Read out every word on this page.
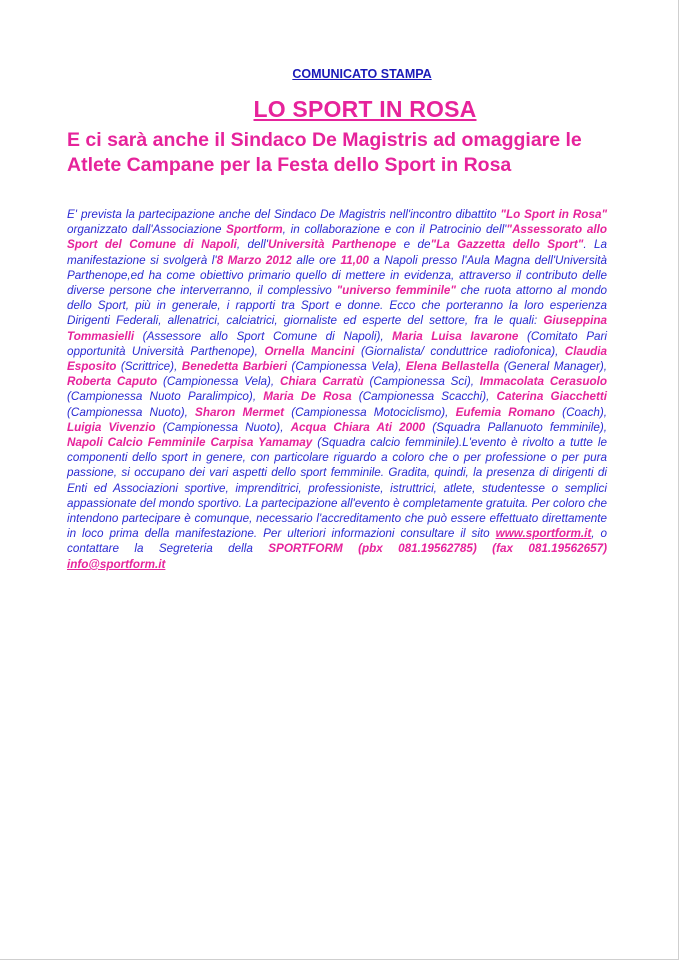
COMUNICATO STAMPA
LO SPORT IN ROSA
E ci sarà anche il Sindaco De Magistris ad omaggiare le Atlete Campane per la Festa dello Sport in Rosa
E' prevista la partecipazione anche del Sindaco De Magistris nell'incontro dibattito "Lo Sport in Rosa" organizzato dall'Associazione Sportform, in collaborazione e con il Patrocinio dell'"Assessorato allo Sport del Comune di Napoli, dell'Università Parthenope e de"La Gazzetta dello Sport". La manifestazione si svolgerà l'8 Marzo 2012 alle ore 11,00 a Napoli presso l'Aula Magna dell'Università Parthenope,ed ha come obiettivo primario quello di mettere in evidenza, attraverso il contributo delle diverse persone che interverranno, il complessivo "universo femminile" che ruota attorno al mondo dello Sport, più in generale, i rapporti tra Sport e donne. Ecco che porteranno la loro esperienza Dirigenti Federali, allenatrici, calciatrici, giornaliste ed esperte del settore, fra le quali: Giuseppina Tommasielli (Assessore allo Sport Comune di Napoli), Maria Luisa Iavarone (Comitato Pari opportunità Università Parthenope), Ornella Mancini (Giornalista/ conduttrice radiofonica), Claudia Esposito (Scrittrice), Benedetta Barbieri (Campionessa Vela), Elena Bellastella (General Manager), Roberta Caputo (Campionessa Vela), Chiara Carratù (Campionessa Sci), Immacolata Cerasuolo (Campionessa Nuoto Paralimpico), Maria De Rosa (Campionessa Scacchi), Caterina Giacchetti (Campionessa Nuoto), Sharon Mermet (Campionessa Motociclismo), Eufemia Romano (Coach), Luigia Vivenzio (Campionessa Nuoto), Acqua Chiara Ati 2000 (Squadra Pallanuoto femminile), Napoli Calcio Femminile Carpisa Yamamay (Squadra calcio femminile).L'evento è rivolto a tutte le componenti dello sport in genere, con particolare riguardo a coloro che o per professione o per pura passione, si occupano dei vari aspetti dello sport femminile. Gradita, quindi, la presenza di dirigenti di Enti ed Associazioni sportive, imprenditrici, professioniste, istruttrici, atlete, studentesse o semplici appassionate del mondo sportivo. La partecipazione all'evento è completamente gratuita. Per coloro che intendono partecipare è comunque, necessario l'accreditamento che può essere effettuato direttamente in loco prima della manifestazione. Per ulteriori informazioni consultare il sito www.sportform.it, o contattare la Segreteria della SPORTFORM (pbx 081.19562785) (fax 081.19562657) info@sportform.it
